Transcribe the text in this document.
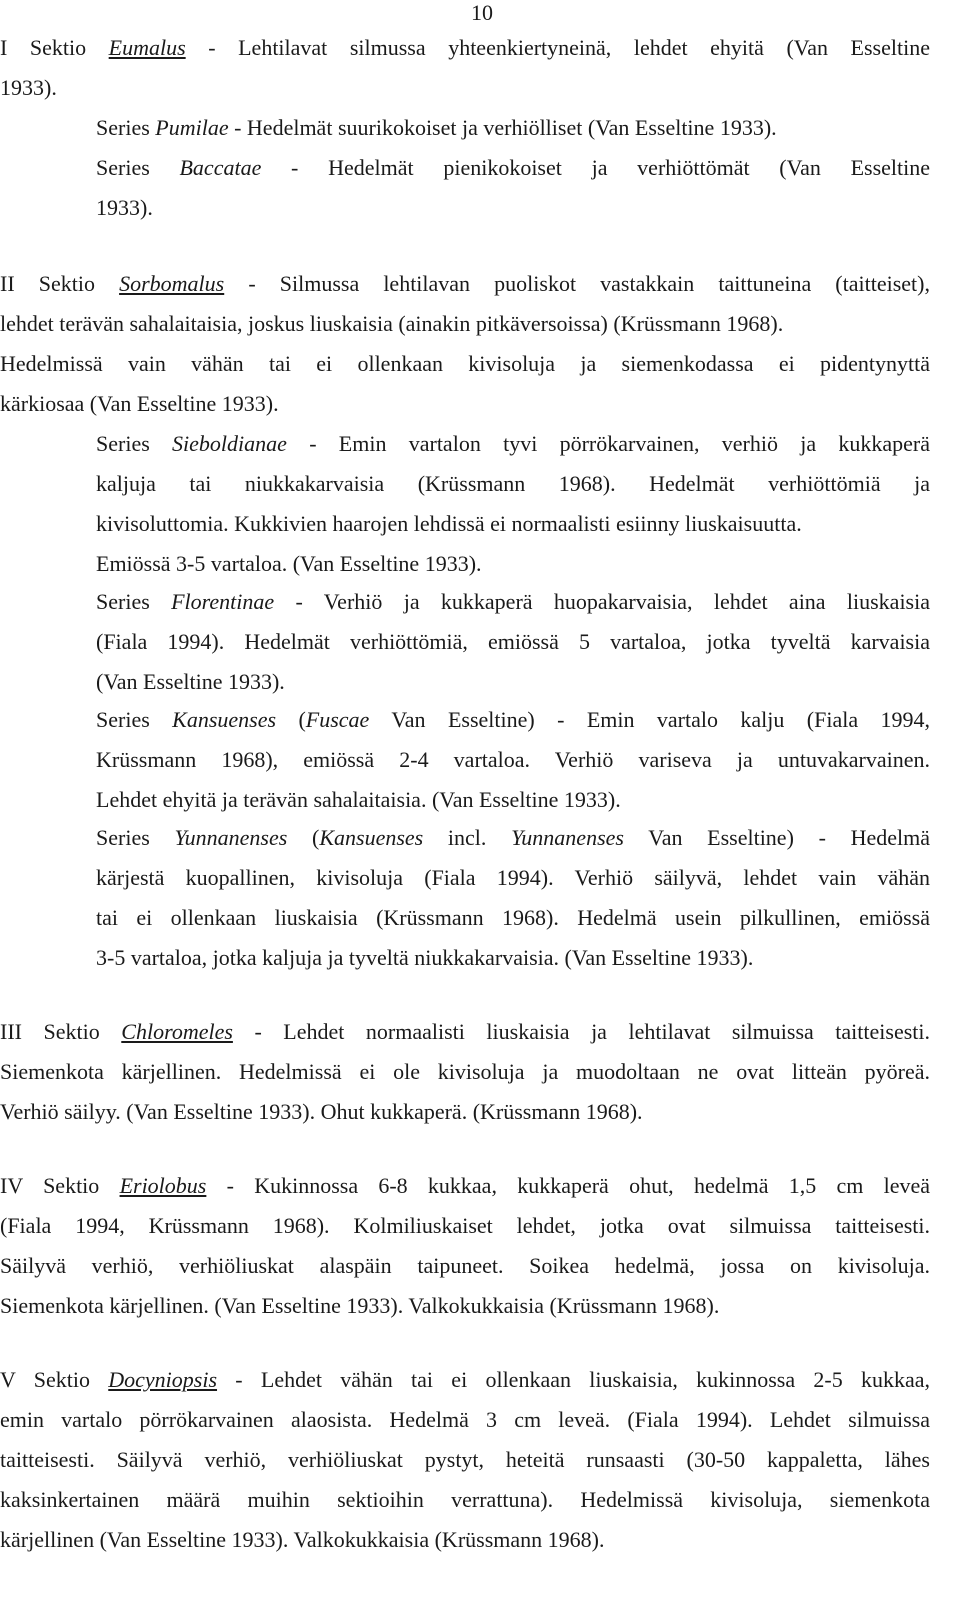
10
I Sektio Eumalus - Lehtilavat silmussa yhteenkiertyneinä, lehdet ehyitä (Van Esseltine
1933).
Series Pumilae - Hedelmät suurikokoiset ja verhiölliset (Van Esseltine 1933).
Series Baccatae - Hedelmät pienikokoiset ja verhiöttömät (Van Esseltine
1933).
II Sektio Sorbomalus - Silmussa lehtilavan puoliskot vastakkain taittuneina (taitteiset),
lehdet terävän sahalaitaisia, joskus liuskaisia (ainakin pitkäversoissa) (Krüssmann 1968).
Hedelmissä vain vähän tai ei ollenkaan kivisoluja ja siemenkodassa ei pidentynyttä
kärkiosaa (Van Esseltine 1933).
Series Sieboldianae - Emin vartalon tyvi pörrökarvainen, verhiö ja kukkaperä
kaljuja tai niukkakarvaisia (Krüssmann 1968). Hedelmät verhiöttömiä ja
kivisoluttomia. Kukkivien haarojen lehdissä ei normaalisti esiinny liuskaisuutta.
Emiössä 3-5 vartaloa. (Van Esseltine 1933).
Series Florentinae - Verhiö ja kukkaperä huopakarvaisia, lehdet aina liuskaisia
(Fiala 1994). Hedelmät verhiöttömiä, emiössä 5 vartaloa, jotka tyveltä karvaisia
(Van Esseltine 1933).
Series Kansuenses (Fuscae Van Esseltine) - Emin vartalo kalju (Fiala 1994,
Krüssmann 1968), emiössä 2-4 vartaloa. Verhiö variseva ja untuvakarvainen.
Lehdet ehyitä ja terävän sahalaitaisia. (Van Esseltine 1933).
Series Yunnanenses (Kansuenses incl. Yunnanenses Van Esseltine) - Hedelmä
kärjestä kuopallinen, kivisoluja (Fiala 1994). Verhiö säilyvä, lehdet vain vähän
tai ei ollenkaan liuskaisia (Krüssmann 1968). Hedelmä usein pilkullinen, emiössä
3-5 vartaloa, jotka kaljuja ja tyveltä niukkakarvaisia. (Van Esseltine 1933).
III Sektio Chloromeles - Lehdet normaalisti liuskaisia ja lehtilavat silmuissa taitteisesti.
Siemenkota kärjellinen. Hedelmissä ei ole kivisoluja ja muodoltaan ne ovat litteän pyöreä.
Verhiö säilyy. (Van Esseltine 1933). Ohut kukkaperä. (Krüssmann 1968).
IV Sektio Eriolobus - Kukinnossa 6-8 kukkaa, kukkaperä ohut, hedelmä 1,5 cm leveä
(Fiala 1994, Krüssmann 1968). Kolmiliuskaiset lehdet, jotka ovat silmuissa taitteisesti.
Säilyvä verhiö, verhiöliuskat alaspäin taipuneet. Soikea hedelmä, jossa on kivisoluja.
Siemenkota kärjellinen. (Van Esseltine 1933). Valkokukkaisia (Krüssmann 1968).
V Sektio Docyniopsis - Lehdet vähän tai ei ollenkaan liuskaisia, kukinnossa 2-5 kukkaa,
emin vartalo pörrökarvainen alaosista. Hedelmä 3 cm leveä. (Fiala 1994). Lehdet silmuissa
taitteisesti. Säilyvä verhiö, verhiöliuskat pystyt, heteitä runsaasti (30-50 kappaletta, lähes
kaksinkertainen määrä muihin sektioihin verrattuna). Hedelmissä kivisoluja, siemenkota
kärjellinen (Van Esseltine 1933). Valkokukkaisia (Krüssmann 1968).
